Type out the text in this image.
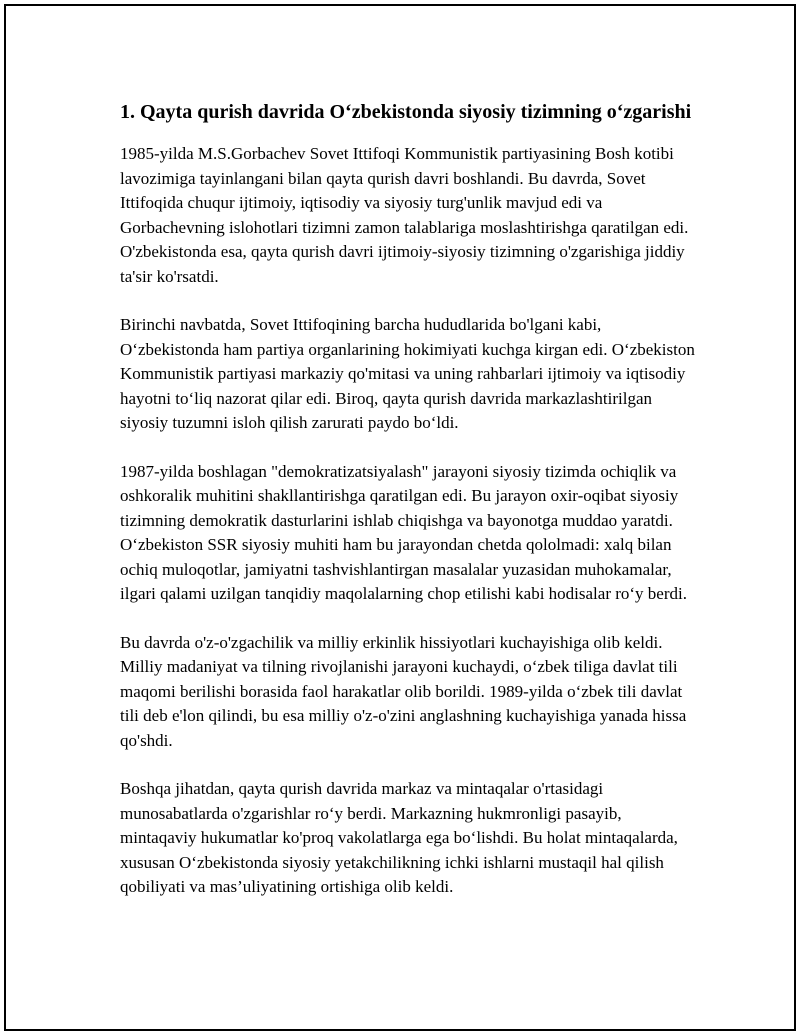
1. Qayta qurish davrida O‘zbekistonda siyosiy tizimning o‘zgarishi

1985-yilda M.S.Gorbachev Sovet Ittifoqi Kommunistik partiyasining Bosh kotibi lavozimiga tayinlangani bilan qayta qurish davri boshlandi. Bu davrda, Sovet Ittifoqida chuqur ijtimoiy, iqtisodiy va siyosiy turg'unlik mavjud edi va Gorbachevning islohotlari tizimni zamon talablariga moslashtirishga qaratilgan edi. O'zbekistonda esa, qayta qurish davri ijtimoiy-siyosiy tizimning o'zgarishiga jiddiy ta'sir ko'rsatdi.

Birinchi navbatda, Sovet Ittifoqining barcha hududlarida bo'lgani kabi, O‘zbekistonda ham partiya organlarining hokimiyati kuchga kirgan edi. O‘zbekiston Kommunistik partiyasi markaziy qo'mitasi va uning rahbarlari ijtimoiy va iqtisodiy hayotni to‘liq nazorat qilar edi. Biroq, qayta qurish davrida markazlashtirilgan siyosiy tuzumni isloh qilish zarurati paydo bo‘ldi.

1987-yilda boshlagan "demokratizatsiyalash" jarayoni siyosiy tizimda ochiqlik va oshkoralik muhitini shakllantirishga qaratilgan edi. Bu jarayon oxir-oqibat siyosiy tizimning demokratik dasturlarini ishlab chiqishga va bayonotga muddao yaratdi. O‘zbekiston SSR siyosiy muhiti ham bu jarayondan chetda qololmadi: xalq bilan ochiq muloqotlar, jamiyatni tashvishlantirgan masalalar yuzasidan muhokamalar, ilgari qalami uzilgan tanqidiy maqolalarning chop etilishi kabi hodisalar ro‘y berdi.

Bu davrda o'z-o'zgachilik va milliy erkinlik hissiyotlari kuchayishiga olib keldi. Milliy madaniyat va tilning rivojlanishi jarayoni kuchaydi, o‘zbek tiliga davlat tili maqomi berilishi borasida faol harakatlar olib borildi. 1989-yilda o‘zbek tili davlat tili deb e'lon qilindi, bu esa milliy o'z-o'zini anglashning kuchayishiga yanada hissa qo'shdi.

Boshqa jihatdan, qayta qurish davrida markaz va mintaqalar o'rtasidagi munosabatlarda o'zgarishlar ro‘y berdi. Markazning hukmronligi pasayib, mintaqaviy hukumatlar ko'proq vakolatlarga ega bo‘lishdi. Bu holat mintaqalarda, xususan O‘zbekistonda siyosiy yetakchilikning ichki ishlarni mustaqil hal qilish qobiliyati va mas’uliyatining ortishiga olib keldi.
